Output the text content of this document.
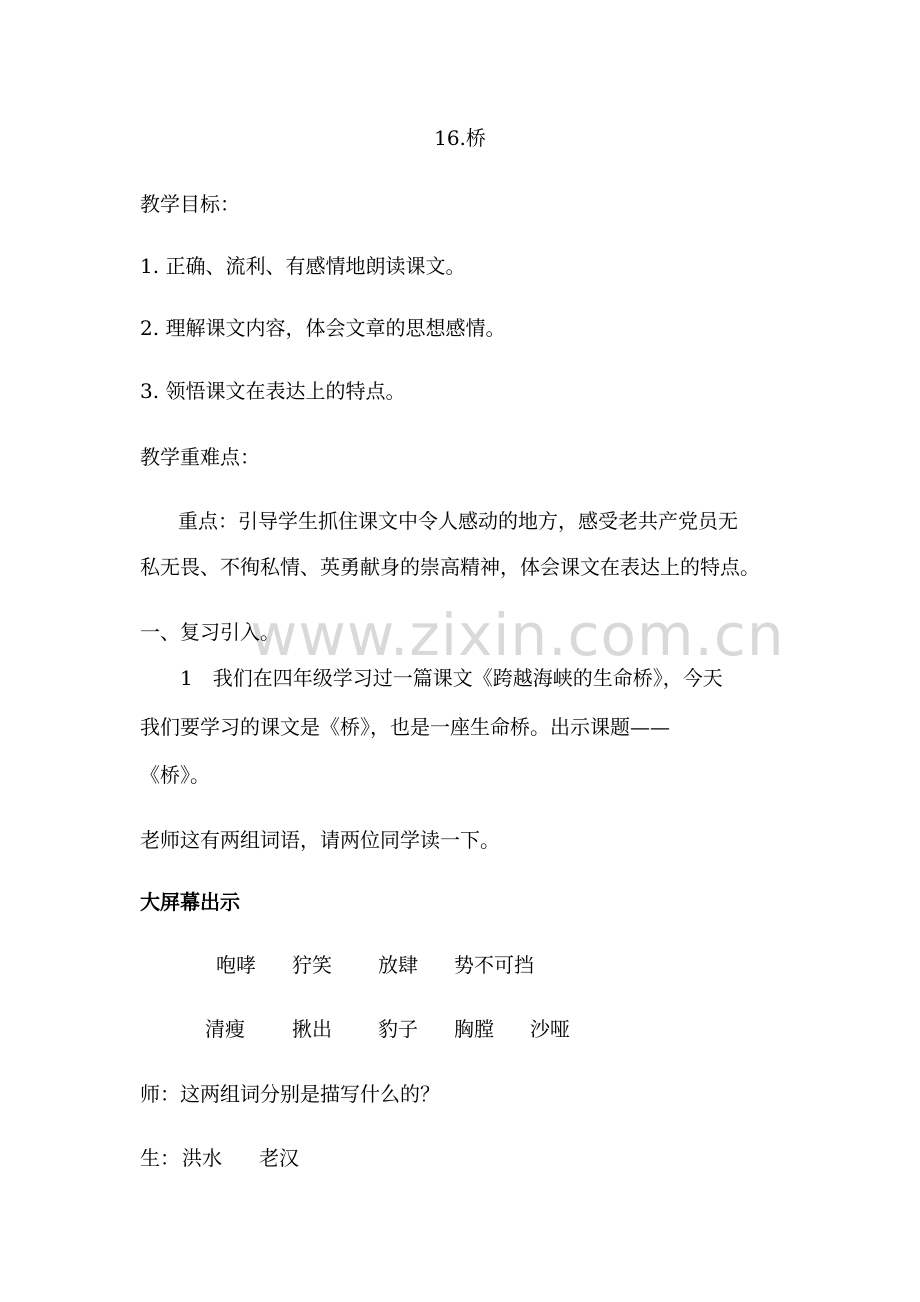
16.桥
教学目标：
1. 正确、流利、有感情地朗读课文。
2. 理解课文内容，体会文章的思想感情。
3. 领悟课文在表达上的特点。
教学重难点：
重点：引导学生抓住课文中令人感动的地方，感受老共产党员无
私无畏、不徇私情、英勇献身的崇高精神，体会课文在表达上的特点。
www.zixin.com.cn
一、复习引入。
1　我们在四年级学习过一篇课文《跨越海峡的生命桥》，今天
我们要学习的课文是《桥》，也是一座生命桥。出示课题——
《桥》。
老师这有两组词语，请两位同学读一下。
大屏幕出示
咆哮 狞笑 放肆 势不可挡
清瘦 揪出 豹子 胸膛 沙哑
师：这两组词分别是描写什么的？
生： 洪水 老汉
